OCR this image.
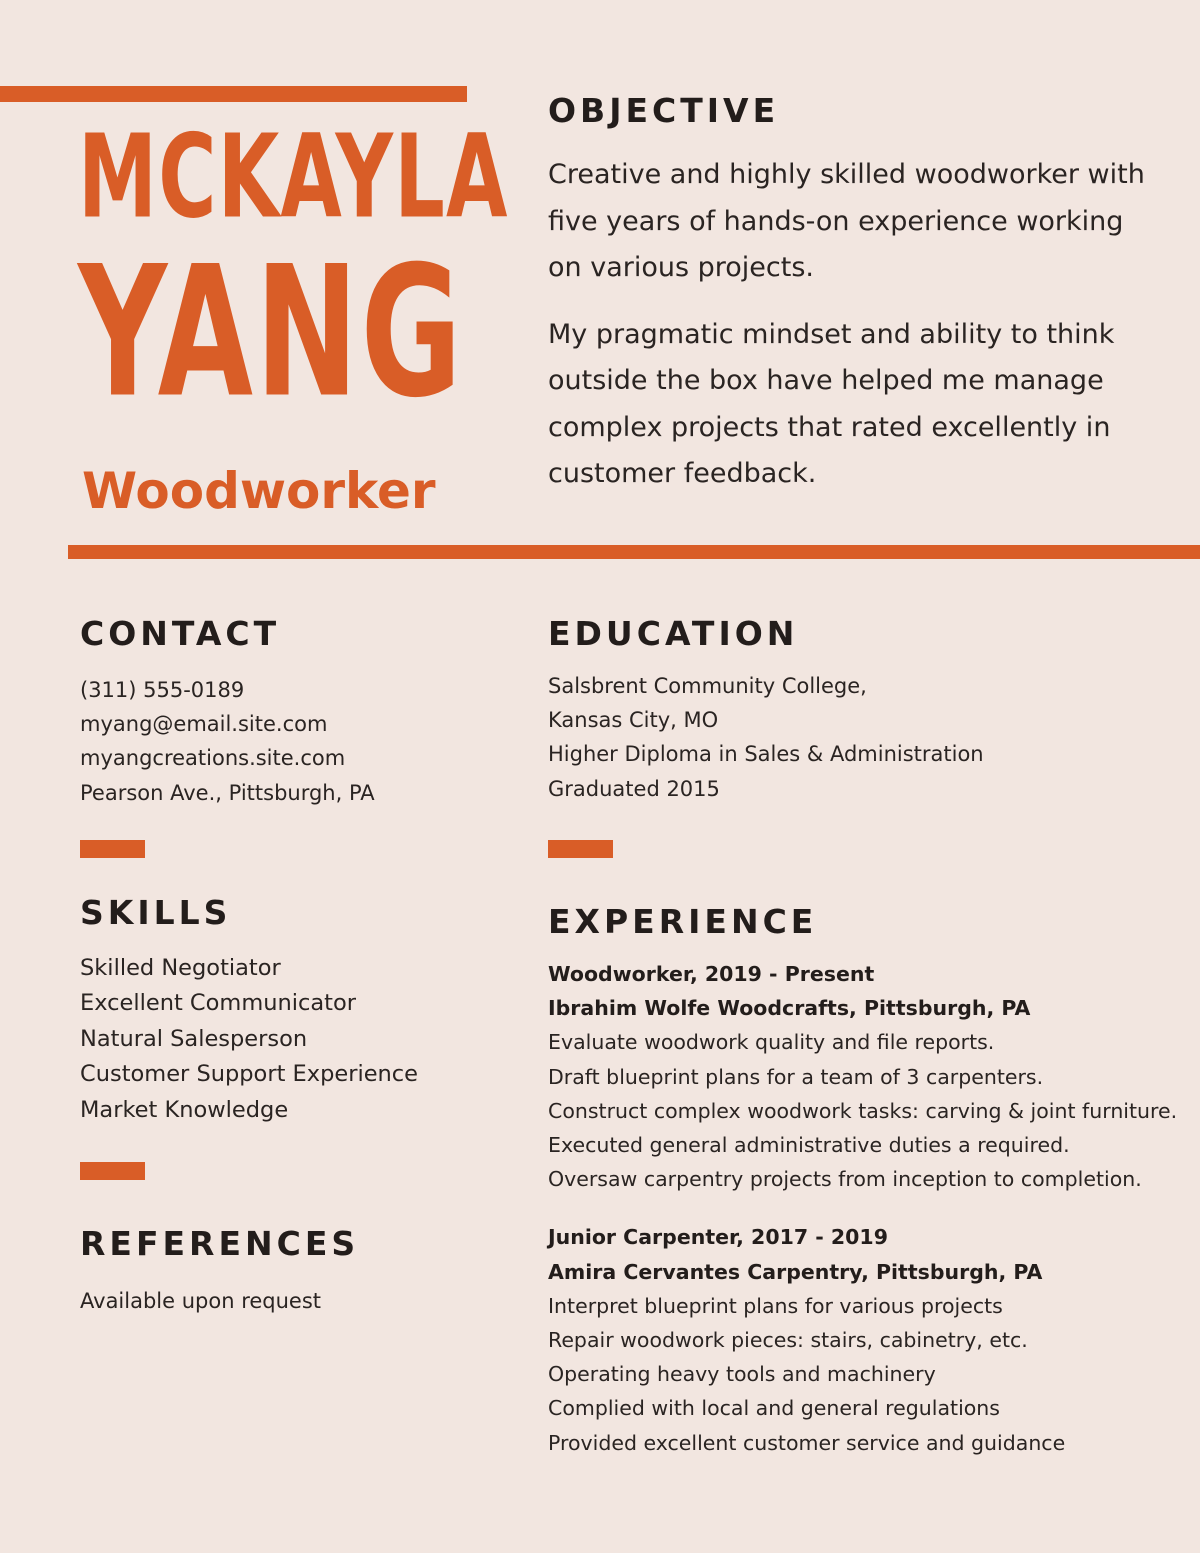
MCKAYLA
YANG
Woodworker
OBJECTIVE

Creative and highly skilled woodworker with five years of hands-on experience working on various projects.

My pragmatic mindset and ability to think outside the box have helped me manage complex projects that rated excellently in customer feedback.

CONTACT
(311) 555-0189
myang@email.site.com
myangcreations.site.com
Pearson Ave., Pittsburgh, PA
SKILLS
Skilled Negotiator
Excellent Communicator
Natural Salesperson
Customer Support Experience
Market Knowledge
REFERENCES
Available upon request
EDUCATION
Salsbrent Community College,
Kansas City, MO
Higher Diploma in Sales & Administration
Graduated 2015
EXPERIENCE
Woodworker, 2019 - Present
Ibrahim Wolfe Woodcrafts, Pittsburgh, PA
Evaluate woodwork quality and file reports.
Draft blueprint plans for a team of 3 carpenters.
Construct complex woodwork tasks: carving & joint furniture.
Executed general administrative duties a required.
Oversaw carpentry projects from inception to completion.
Junior Carpenter, 2017 - 2019
Amira Cervantes Carpentry, Pittsburgh, PA
Interpret blueprint plans for various projects
Repair woodwork pieces: stairs, cabinetry, etc.
Operating heavy tools and machinery
Complied with local and general regulations
Provided excellent customer service and guidance
